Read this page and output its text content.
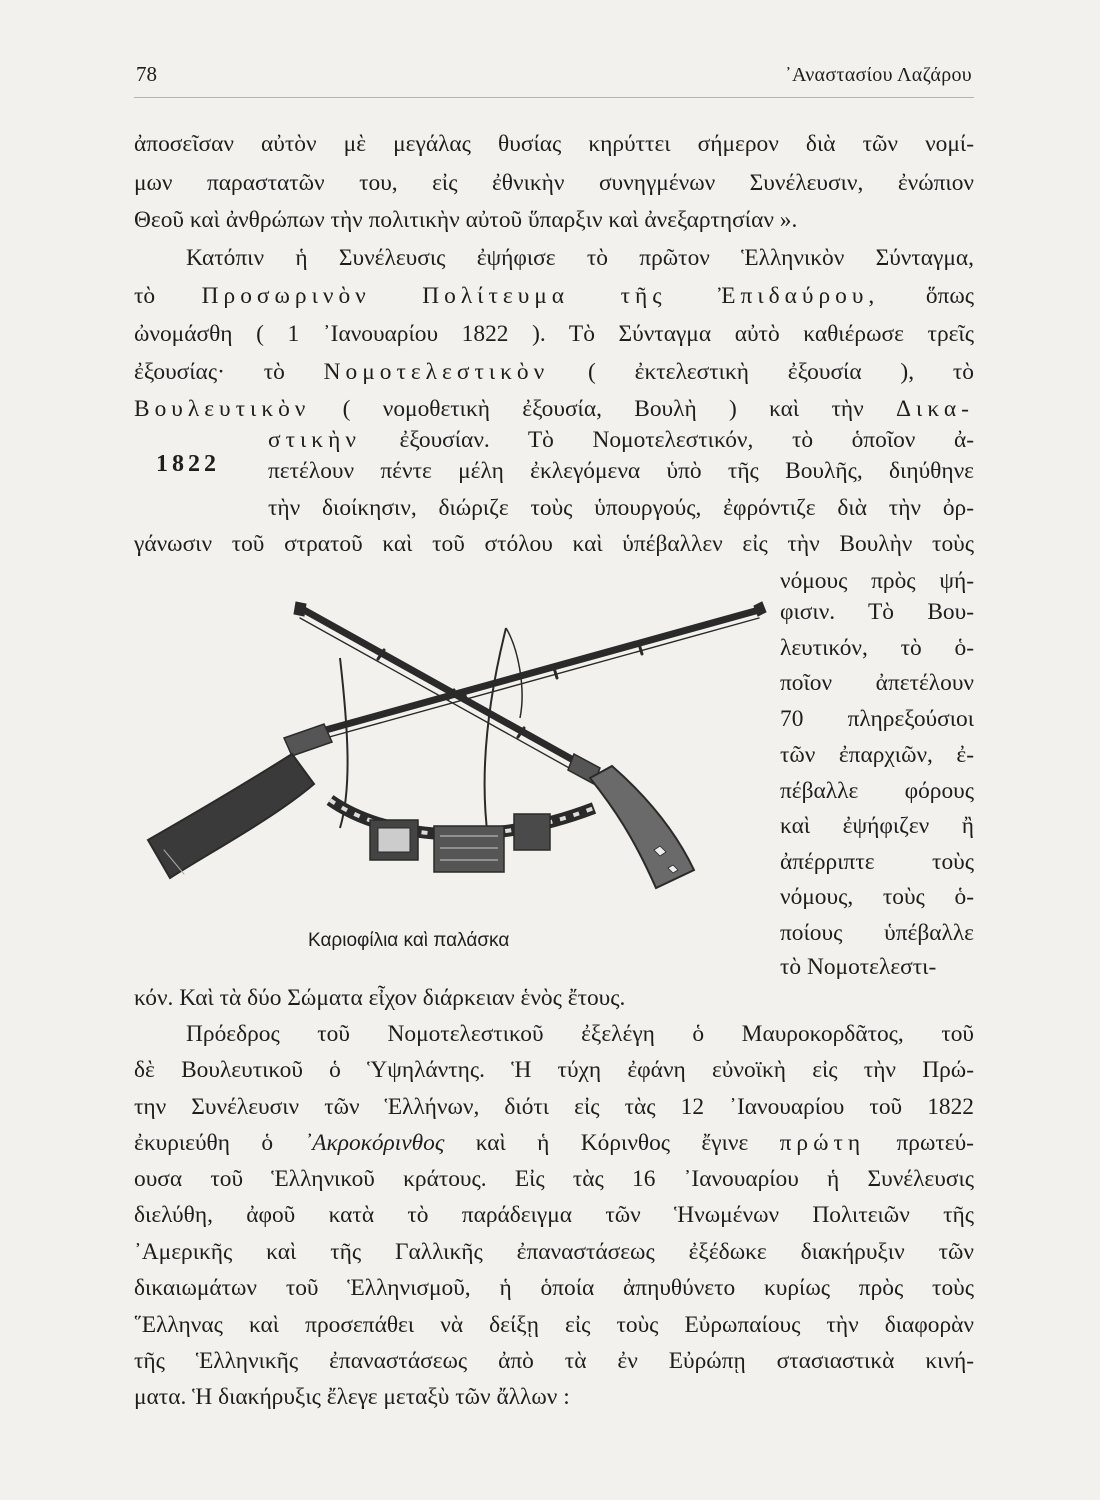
78	᾿Αναστασίου Λαζάρου
ἀποσεῖσαν αὐτὸν μὲ μεγάλας θυσίας κηρύττει σήμερον διὰ τῶν νομί-
μων παραστατῶν του, εἰς ἐθνικὴν συνηγμένων Συνέλευσιν, ἐνώπιον
Θεοῦ καὶ ἀνθρώπων τὴν πολιτικὴν αὐτοῦ ὕπαρξιν καὶ ἀνεξαρτησίαν ».
Κατόπιν ἡ Συνέλευσις ἐψήφισε τὸ πρῶτον Ἑλληνικὸν Σύνταγμα,
τὸ Προσωρινὸν Πολίτευμα τῆς Ἐπιδαύρου, ὅπως
ὠνομάσθη ( 1 ᾿Ιανουαρίου 1822 ). Τὸ Σύνταγμα αὐτὸ καθιέρωσε τρεῖς
ἐξουσίας· τὸ Νομοτελεστικὸν ( ἐκτελεστικὴ ἐξουσία ), τὸ
Βουλευτικὸν ( νομοθετικὴ ἐξουσία, Βουλὴ ) καὶ τὴν Δικα-
1822
στικὴν ἐξουσίαν. Τὸ Νομοτελεστικόν, τὸ ὁποῖον ἀ-
πετέλουν πέντε μέλη ἐκλεγόμενα ὑπὸ τῆς Βουλῆς, διηύθηνε
τὴν διοίκησιν, διώριζε τοὺς ὑπουργούς, ἐφρόντιζε διὰ τὴν ὀρ-
γάνωσιν τοῦ στρατοῦ καὶ τοῦ στόλου καὶ ὑπέβαλλεν εἰς τὴν Βουλὴν τοὺς
νόμους πρὸς ψή-
φισιν. Τὸ Βου-
λευτικόν, τὸ ὁ-
ποῖον ἀπετέλουν
70 πληρεξούσιοι
τῶν ἐπαρχιῶν, ἐ-
πέβαλλε φόρους
καὶ ἐψήφιζεν ἢ
ἀπέρριπτε τοὺς
νόμους, τοὺς ὁ-
ποίους ὑπέβαλλε
τὸ Νομοτελεστι-
Καριοφίλια καὶ παλάσκα
κόν. Καὶ τὰ δύο Σώματα εἶχον διάρκειαν ἑνὸς ἔτους.
Πρόεδρος τοῦ Νομοτελεστικοῦ ἐξελέγη ὁ Μαυροκορδᾶτος, τοῦ
δὲ Βουλευτικοῦ ὁ Ὑψηλάντης. Ἡ τύχη ἐφάνη εὐνοϊκὴ εἰς τὴν Πρώ-
την Συνέλευσιν τῶν Ἑλλήνων, διότι εἰς τὰς 12 ᾿Ιανουαρίου τοῦ 1822
ἐκυριεύθη ὁ ᾿Ακροκόρινθος καὶ ἡ Κόρινθος ἔγινε πρώτη πρωτεύ-
ουσα τοῦ Ἑλληνικοῦ κράτους. Εἰς τὰς 16 ᾿Ιανουαρίου ἡ Συνέλευσις
διελύθη, ἀφοῦ κατὰ τὸ παράδειγμα τῶν Ἡνωμένων Πολιτειῶν τῆς
᾿Αμερικῆς καὶ τῆς Γαλλικῆς ἐπαναστάσεως ἐξέδωκε διακήρυξιν τῶν
δικαιωμάτων τοῦ Ἑλληνισμοῦ, ἡ ὁποία ἀπηυθύνετο κυρίως πρὸς τοὺς
῞Ελληνας καὶ προσεπάθει νὰ δείξῃ εἰς τοὺς Εὐρωπαίους τὴν διαφορὰν
τῆς Ἑλληνικῆς ἐπαναστάσεως ἀπὸ τὰ ἐν Εὐρώπῃ στασιαστικὰ κινή-
ματα. Ἡ διακήρυξις ἔλεγε μεταξὺ τῶν ἄλλων :
